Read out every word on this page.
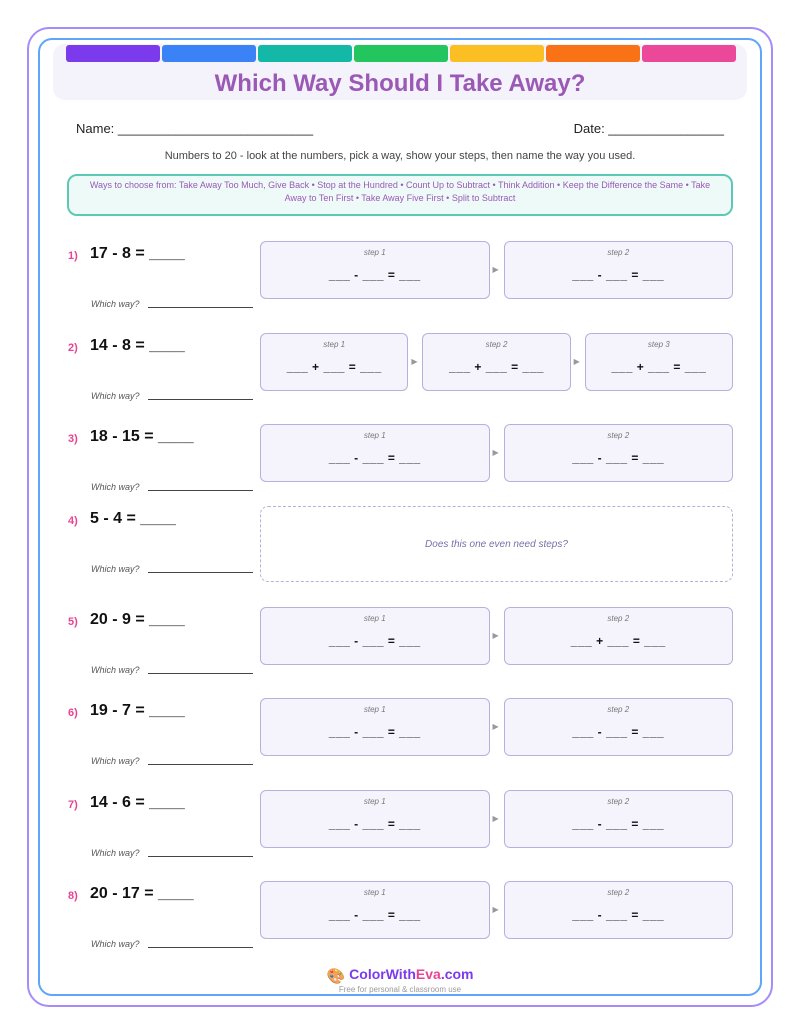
Which Way Should I Take Away?
Name: ___________________________	Date: ________________
Numbers to 20 - look at the numbers, pick a way, show your steps, then name the way you used.
Ways to choose from: Take Away Too Much, Give Back • Stop at the Hundred • Count Up to Subtract • Think Addition • Keep the Difference the Same • Take Away to Ten First • Take Away Five First • Split to Subtract
1) 17 - 8 = ____
Which way?
step 1
___ - ___ = ___	▶
step 2
___ - ___ = ___
2) 14 - 8 = ____
Which way?
step 1
___ + ___ = ___	▶
step 2
___ + ___ = ___	▶
step 3
___ + ___ = ___
3) 18 - 15 = ____
Which way?
step 1
___ - ___ = ___	▶
step 2
___ - ___ = ___
4) 5 - 4 = ____
Which way?
Does this one even need steps?
5) 20 - 9 = ____
Which way?
step 1
___ - ___ = ___	▶
step 2
___ + ___ = ___
6) 19 - 7 = ____
Which way?
step 1
___ - ___ = ___	▶
step 2
___ - ___ = ___
7) 14 - 6 = ____
Which way?
step 1
___ - ___ = ___	▶
step 2
___ - ___ = ___
8) 20 - 17 = ____
Which way?
step 1
___ - ___ = ___	▶
step 2
___ - ___ = ___
🎨 ColorWithEva.com
Free for personal & classroom use
